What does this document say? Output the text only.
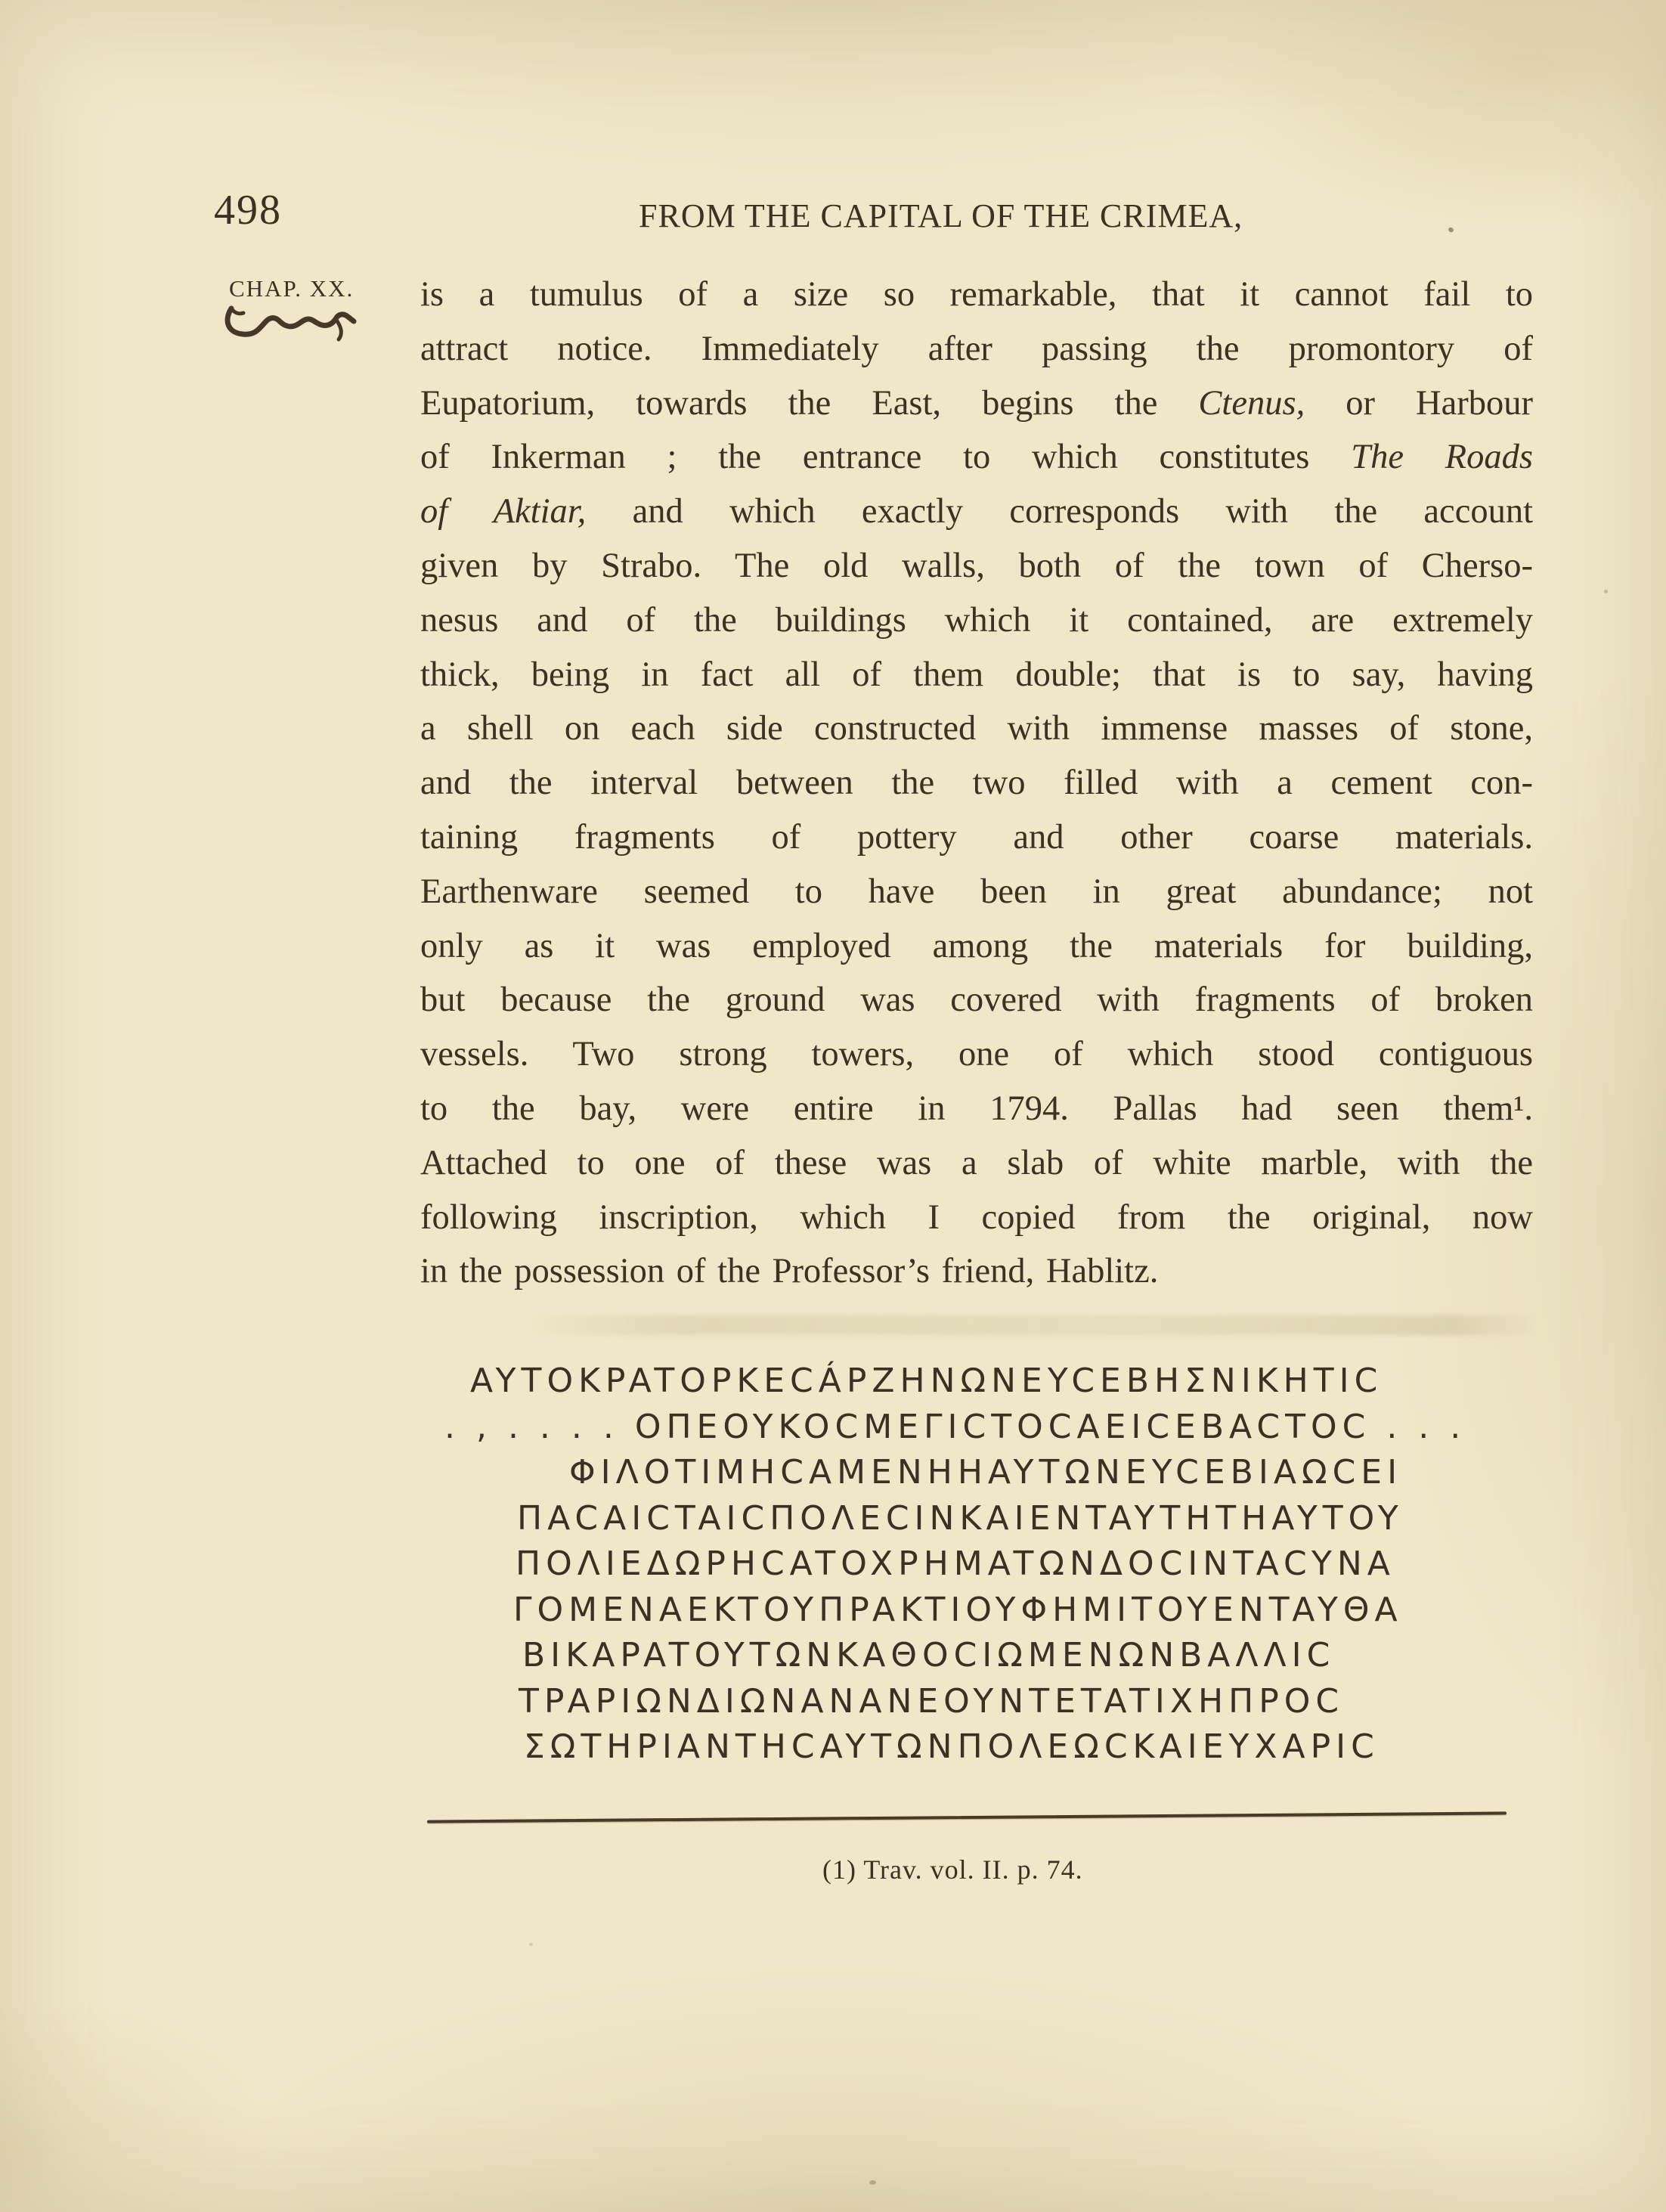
498	FROM THE CAPITAL OF THE CRIMEA,
CHAP. XX. is a tumulus of a size so remarkable, that it cannot fail to
attract notice. Immediately after passing the promontory of
Eupatorium, towards the East, begins the Ctenus, or Harbour
of Inkerman ; the entrance to which constitutes The Roads
of Aktiar, and which exactly corresponds with the account
given by Strabo. The old walls, both of the town of Cherso-
nesus and of the buildings which it contained, are extremely
thick, being in fact all of them double; that is to say, having
a shell on each side constructed with immense masses of stone,
and the interval between the two filled with a cement con-
taining fragments of pottery and other coarse materials.
Earthenware seemed to have been in great abundance; not
only as it was employed among the materials for building,
but because the ground was covered with fragments of broken
vessels. Two strong towers, one of which stood contiguous
to the bay, were entire in 1794. Pallas had seen them¹.
Attached to one of these was a slab of white marble, with the
following inscription, which I copied from the original, now
in the possession of the Professor’s friend, Hablitz.
AYTOKPATOPKECÁPZHNΩNEYCEBHΣNIKHTIC
. , . . . . OΠEOYKOCMEΓICTOCAEICEBACTOC . . .
ΦIΛOTIMHCAMENHHAYTΩNEYCEBIAΩCEI
ΠACAICTAICΠOΛECINKAIENTAYTHTHAYTOY
ΠOΛIEΔΩPHCATOXPHMATΩNΔOCINTACYNA
ΓOMENAEKTOYΠPAKTIOYΦHMITOYENTAYΘA
BIKAPATOYTΩNKAΘOCIΩMENΩNBAΛΛIC
TPAPIΩNΔIΩNANANEOYNTETATIXHΠPOC
ΣΩTHPIANTHCAYTΩNΠOΛEΩCKAIEYXAPIC
(1) Trav. vol. II. p. 74.
